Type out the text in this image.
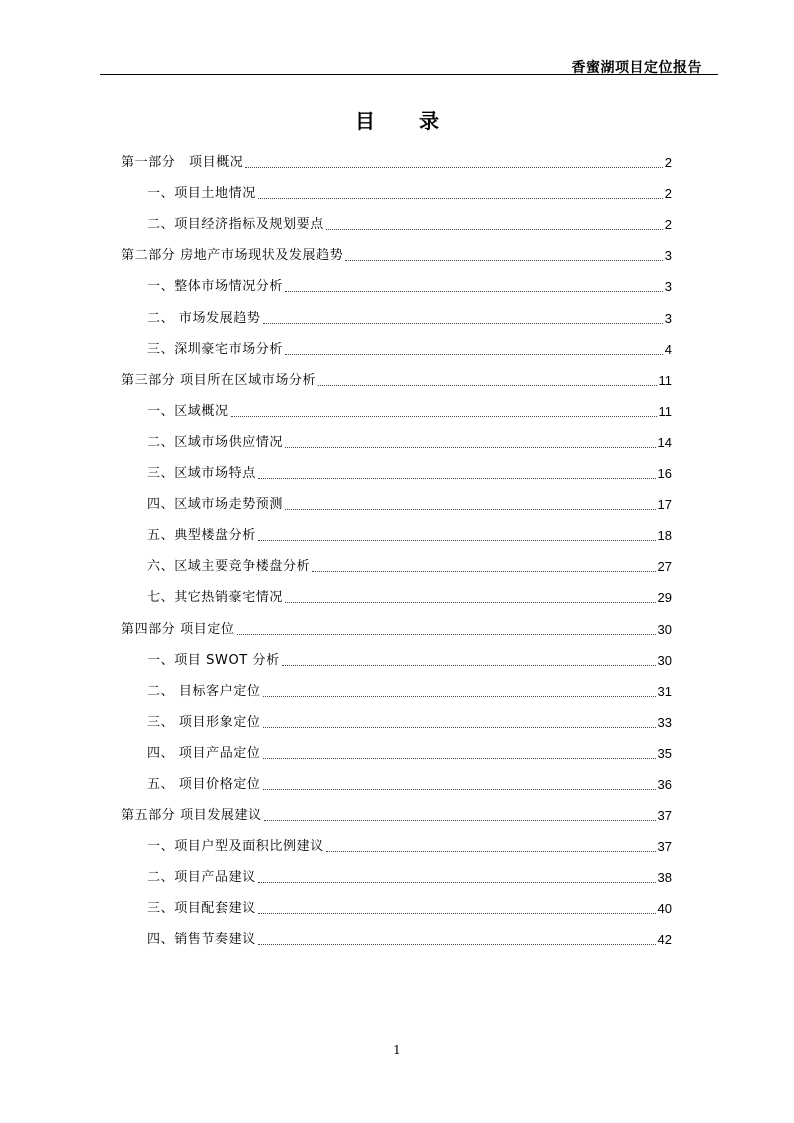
香蜜湖项目定位报告
目 录
第一部分　项目概况	2
一、项目土地情况	2
二、项目经济指标及规划要点	2
第二部分 房地产市场现状及发展趋势	3
一、整体市场情况分析	3
二、 市场发展趋势	3
三、深圳豪宅市场分析	4
第三部分 项目所在区域市场分析	11
一、区域概况	11
二、区域市场供应情况	14
三、区域市场特点	16
四、区域市场走势预测	17
五、典型楼盘分析	18
六、区域主要竞争楼盘分析	27
七、其它热销豪宅情况	29
第四部分 项目定位	30
一、项目 SWOT 分析	30
二、 目标客户定位	31
三、 项目形象定位	33
四、 项目产品定位	35
五、 项目价格定位	36
第五部分 项目发展建议	37
一、项目户型及面积比例建议	37
二、项目产品建议	38
三、项目配套建议	40
四、销售节奏建议	42
1
